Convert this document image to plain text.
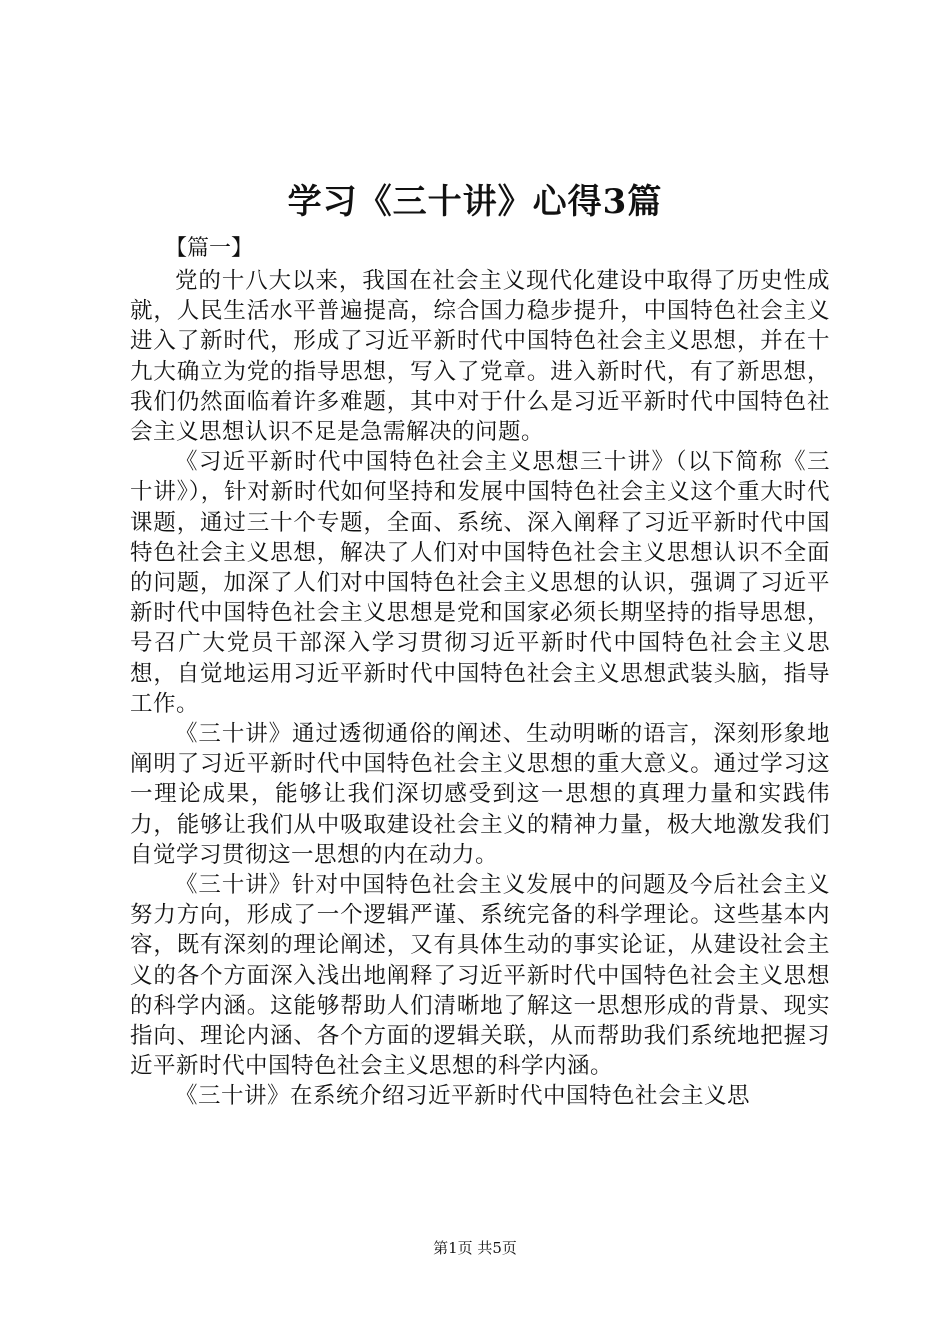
学习《三十讲》心得3篇
【篇一】

党的十八大以来，我国在社会主义现代化建设中取得了历史性成就，人民生活水平普遍提高，综合国力稳步提升，中国特色社会主义进入了新时代，形成了习近平新时代中国特色社会主义思想，并在十九大确立为党的指导思想，写入了党章。进入新时代，有了新思想，我们仍然面临着许多难题，其中对于什么是习近平新时代中国特色社会主义思想认识不足是急需解决的问题。

《习近平新时代中国特色社会主义思想三十讲》（以下简称《三十讲》），针对新时代如何坚持和发展中国特色社会主义这个重大时代课题，通过三十个专题，全面、系统、深入阐释了习近平新时代中国特色社会主义思想，解决了人们对中国特色社会主义思想认识不全面的问题，加深了人们对中国特色社会主义思想的认识，强调了习近平新时代中国特色社会主义思想是党和国家必须长期坚持的指导思想，号召广大党员干部深入学习贯彻习近平新时代中国特色社会主义思想，自觉地运用习近平新时代中国特色社会主义思想武装头脑，指导工作。

《三十讲》通过透彻通俗的阐述、生动明晰的语言，深刻形象地阐明了习近平新时代中国特色社会主义思想的重大意义。通过学习这一理论成果，能够让我们深切感受到这一思想的真理力量和实践伟力，能够让我们从中吸取建设社会主义的精神力量，极大地激发我们自觉学习贯彻这一思想的内在动力。

《三十讲》针对中国特色社会主义发展中的问题及今后社会主义努力方向，形成了一个逻辑严谨、系统完备的科学理论。这些基本内容，既有深刻的理论阐述，又有具体生动的事实论证，从建设社会主义的各个方面深入浅出地阐释了习近平新时代中国特色社会主义思想的科学内涵。这能够帮助人们清晰地了解这一思想形成的背景、现实指向、理论内涵、各个方面的逻辑关联，从而帮助我们系统地把握习近平新时代中国特色社会主义思想的科学内涵。

《三十讲》在系统介绍习近平新时代中国特色社会主义思

第1页 共5页
